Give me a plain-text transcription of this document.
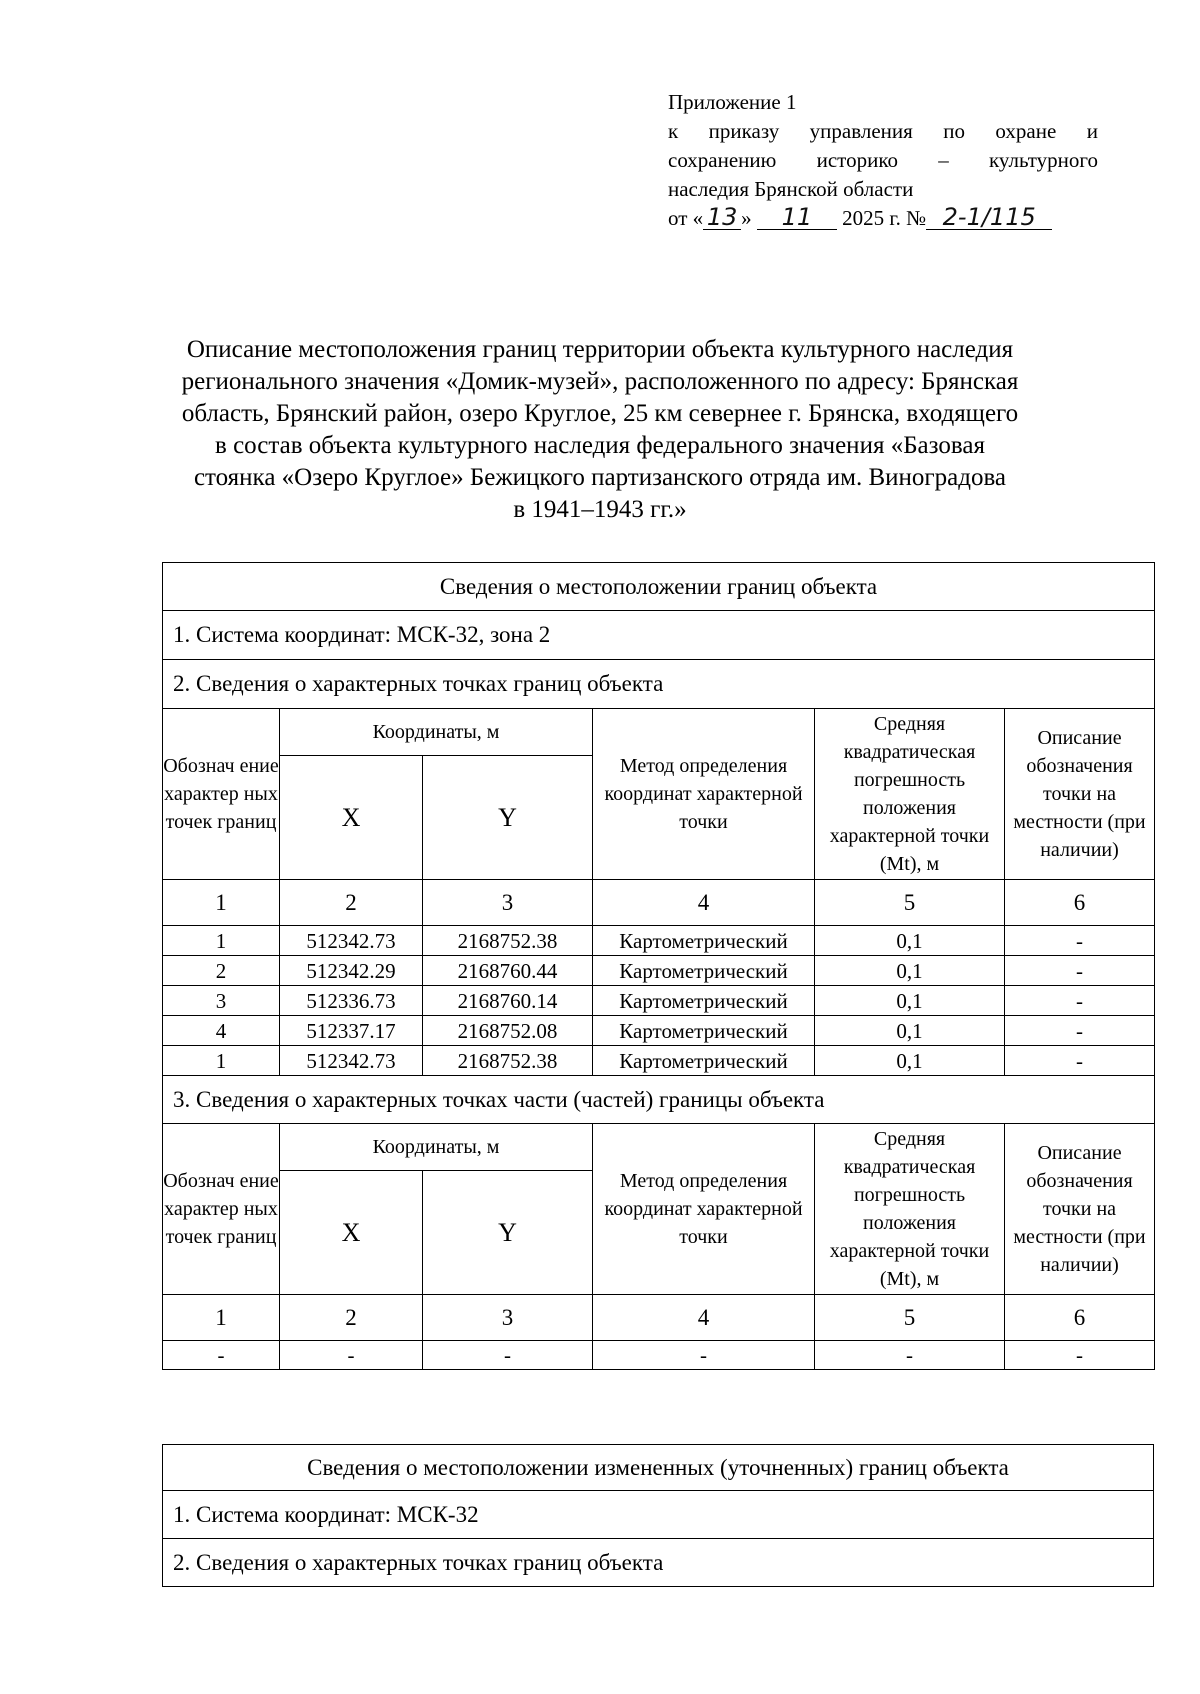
Приложение 1
к приказу управления по охране и
сохранению историко – культурного
наследия Брянской области
от « 13 » 11 2025 г. № 2-1/115
Описание местоположения границ территории объекта культурного наследия
регионального значения «Домик-музей», расположенного по адресу: Брянская
область, Брянский район, озеро Круглое, 25 км севернее г. Брянска, входящего
в состав объекта культурного наследия федерального значения «Базовая
стоянка «Озеро Круглое» Бежицкого партизанского отряда им. Виноградова
в 1941–1943 гг.»
Сведения о местоположении границ объекта					
1. Система координат: МСК-32, зона 2					
2. Сведения о характерных точках границ объекта					
Обознач ение характер ных точек границ	Координаты, м		Метод определения координат характерной точки	Средняя квадратическая погрешность положения характерной точки (Mt), м	Описание обозначения точки на местности (при наличии)
	X	Y			
1	2	3	4	5	6
1	512342.73	2168752.38	Картометрический	0,1	-
2	512342.29	2168760.44	Картометрический	0,1	-
3	512336.73	2168760.14	Картометрический	0,1	-
4	512337.17	2168752.08	Картометрический	0,1	-
1	512342.73	2168752.38	Картометрический	0,1	-
3. Сведения о характерных точках части (частей) границы объекта					
Обознач ение характер ных точек границ	Координаты, м		Метод определения координат характерной точки	Средняя квадратическая погрешность положения характерной точки (Mt), м	Описание обозначения точки на местности (при наличии)
	X	Y			
1	2	3	4	5	6
-	-	-	-	-	-
Сведения о местоположении измененных (уточненных) границ объекта
1. Система координат: МСК-32
2. Сведения о характерных точках границ объекта
